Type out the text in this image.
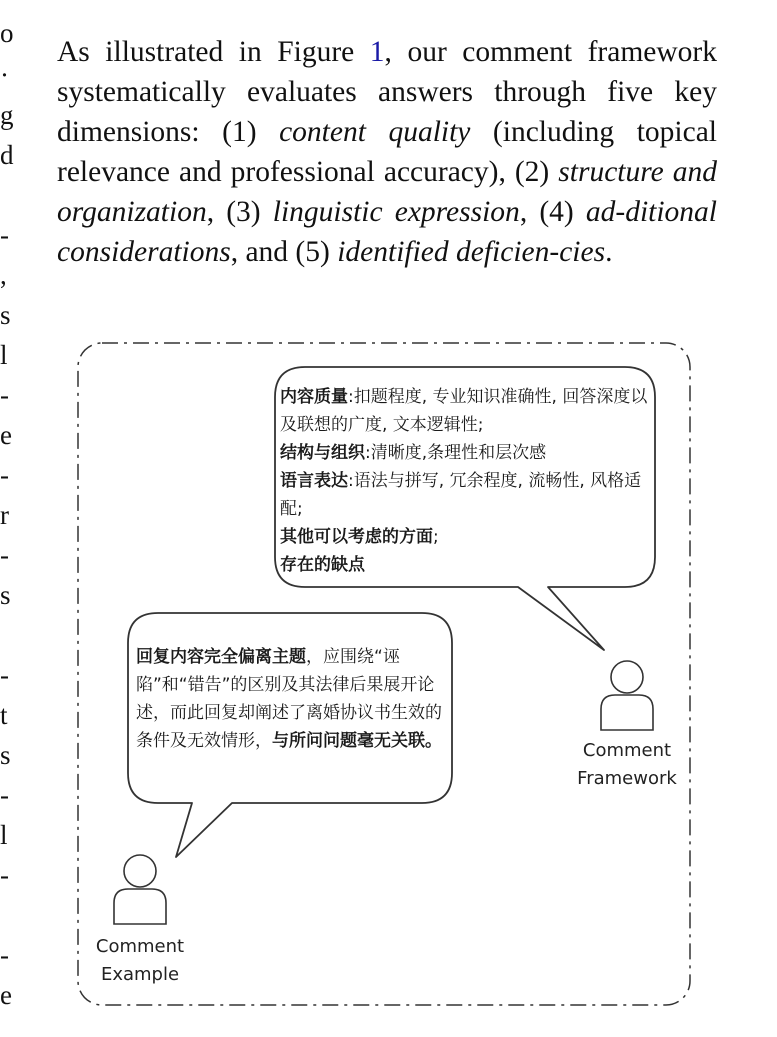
o
·
g
d
-
,
s
l
-
e
-
r
-
s
-
t
s
-
l
-
-
e

As illustrated in Figure 1, our comment framework systematically evaluates answers through five key dimensions: (1) content quality (including topical relevance and professional accuracy), (2) structure and organization, (3) linguistic expression, (4) ad-ditional considerations, and (5) identified deficien-cies.

内容质量:扣题程度, 专业知识准确性, 回答深度以及联想的广度, 文本逻辑性;
结构与组织:清晰度,条理性和层次感
语言表达:语法与拼写, 冗余程度, 流畅性, 风格适配;
其他可以考虑的方面;
存在的缺点
回复内容完全偏离主题，应围绕“诬陷”和“错告”的区别及其法律后果展开论述，而此回复却阐述了离婚协议书生效的条件及无效情形，与所问问题毫无关联。	Comment
Framework
Comment
Example
